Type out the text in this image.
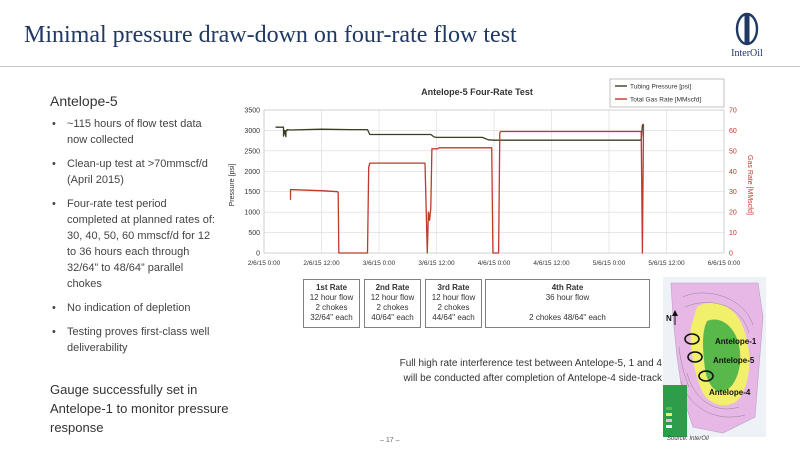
Minimal pressure draw-down on four-rate flow test
InterOil
Antelope-5
• ~115 hours of flow test data now collected
• Clean-up test at >70mmscf/d (April 2015)
• Four-rate test period completed at planned rates of: 30, 40, 50, 60 mmscf/d for 12 to 36 hours each through 32/64” to 48/64” parallel chokes
• No indication of depletion
• Testing proves first-class well deliverability
Gauge successfully set in Antelope-1 to monitor pressure response
Antelope-5 Four-Rate Test
0
500
1000
1500
2000
2500
3000
3500
0
10
20
30
40
50
60
70
2/6/15 0:00	2/6/15 12:00	3/6/15 0:00	3/6/15 12:00	4/6/15 0:00	4/6/15 12:00	5/6/15 0:00	5/6/15 12:00	6/6/15 0:00
Pressure [psi]	Gas Rate [MMscfd]
Tubing Pressure [psi]
Total Gas Rate [MMscfd]
1st Rate
12 hour flow
2 chokes
32/64" each
2nd Rate
12 hour flow
2 chokes
40/64" each
3rd Rate
12 hour flow
2 chokes
44/64" each
4th Rate
36 hour flow
2 chokes 48/64" each
Full high rate interference test between Antelope-5, 1 and 4
will be conducted after completion of Antelope-4 side-track
– 17 –
N
Antelope-1
Antelope-5
Antelope-4
Source: InterOil
